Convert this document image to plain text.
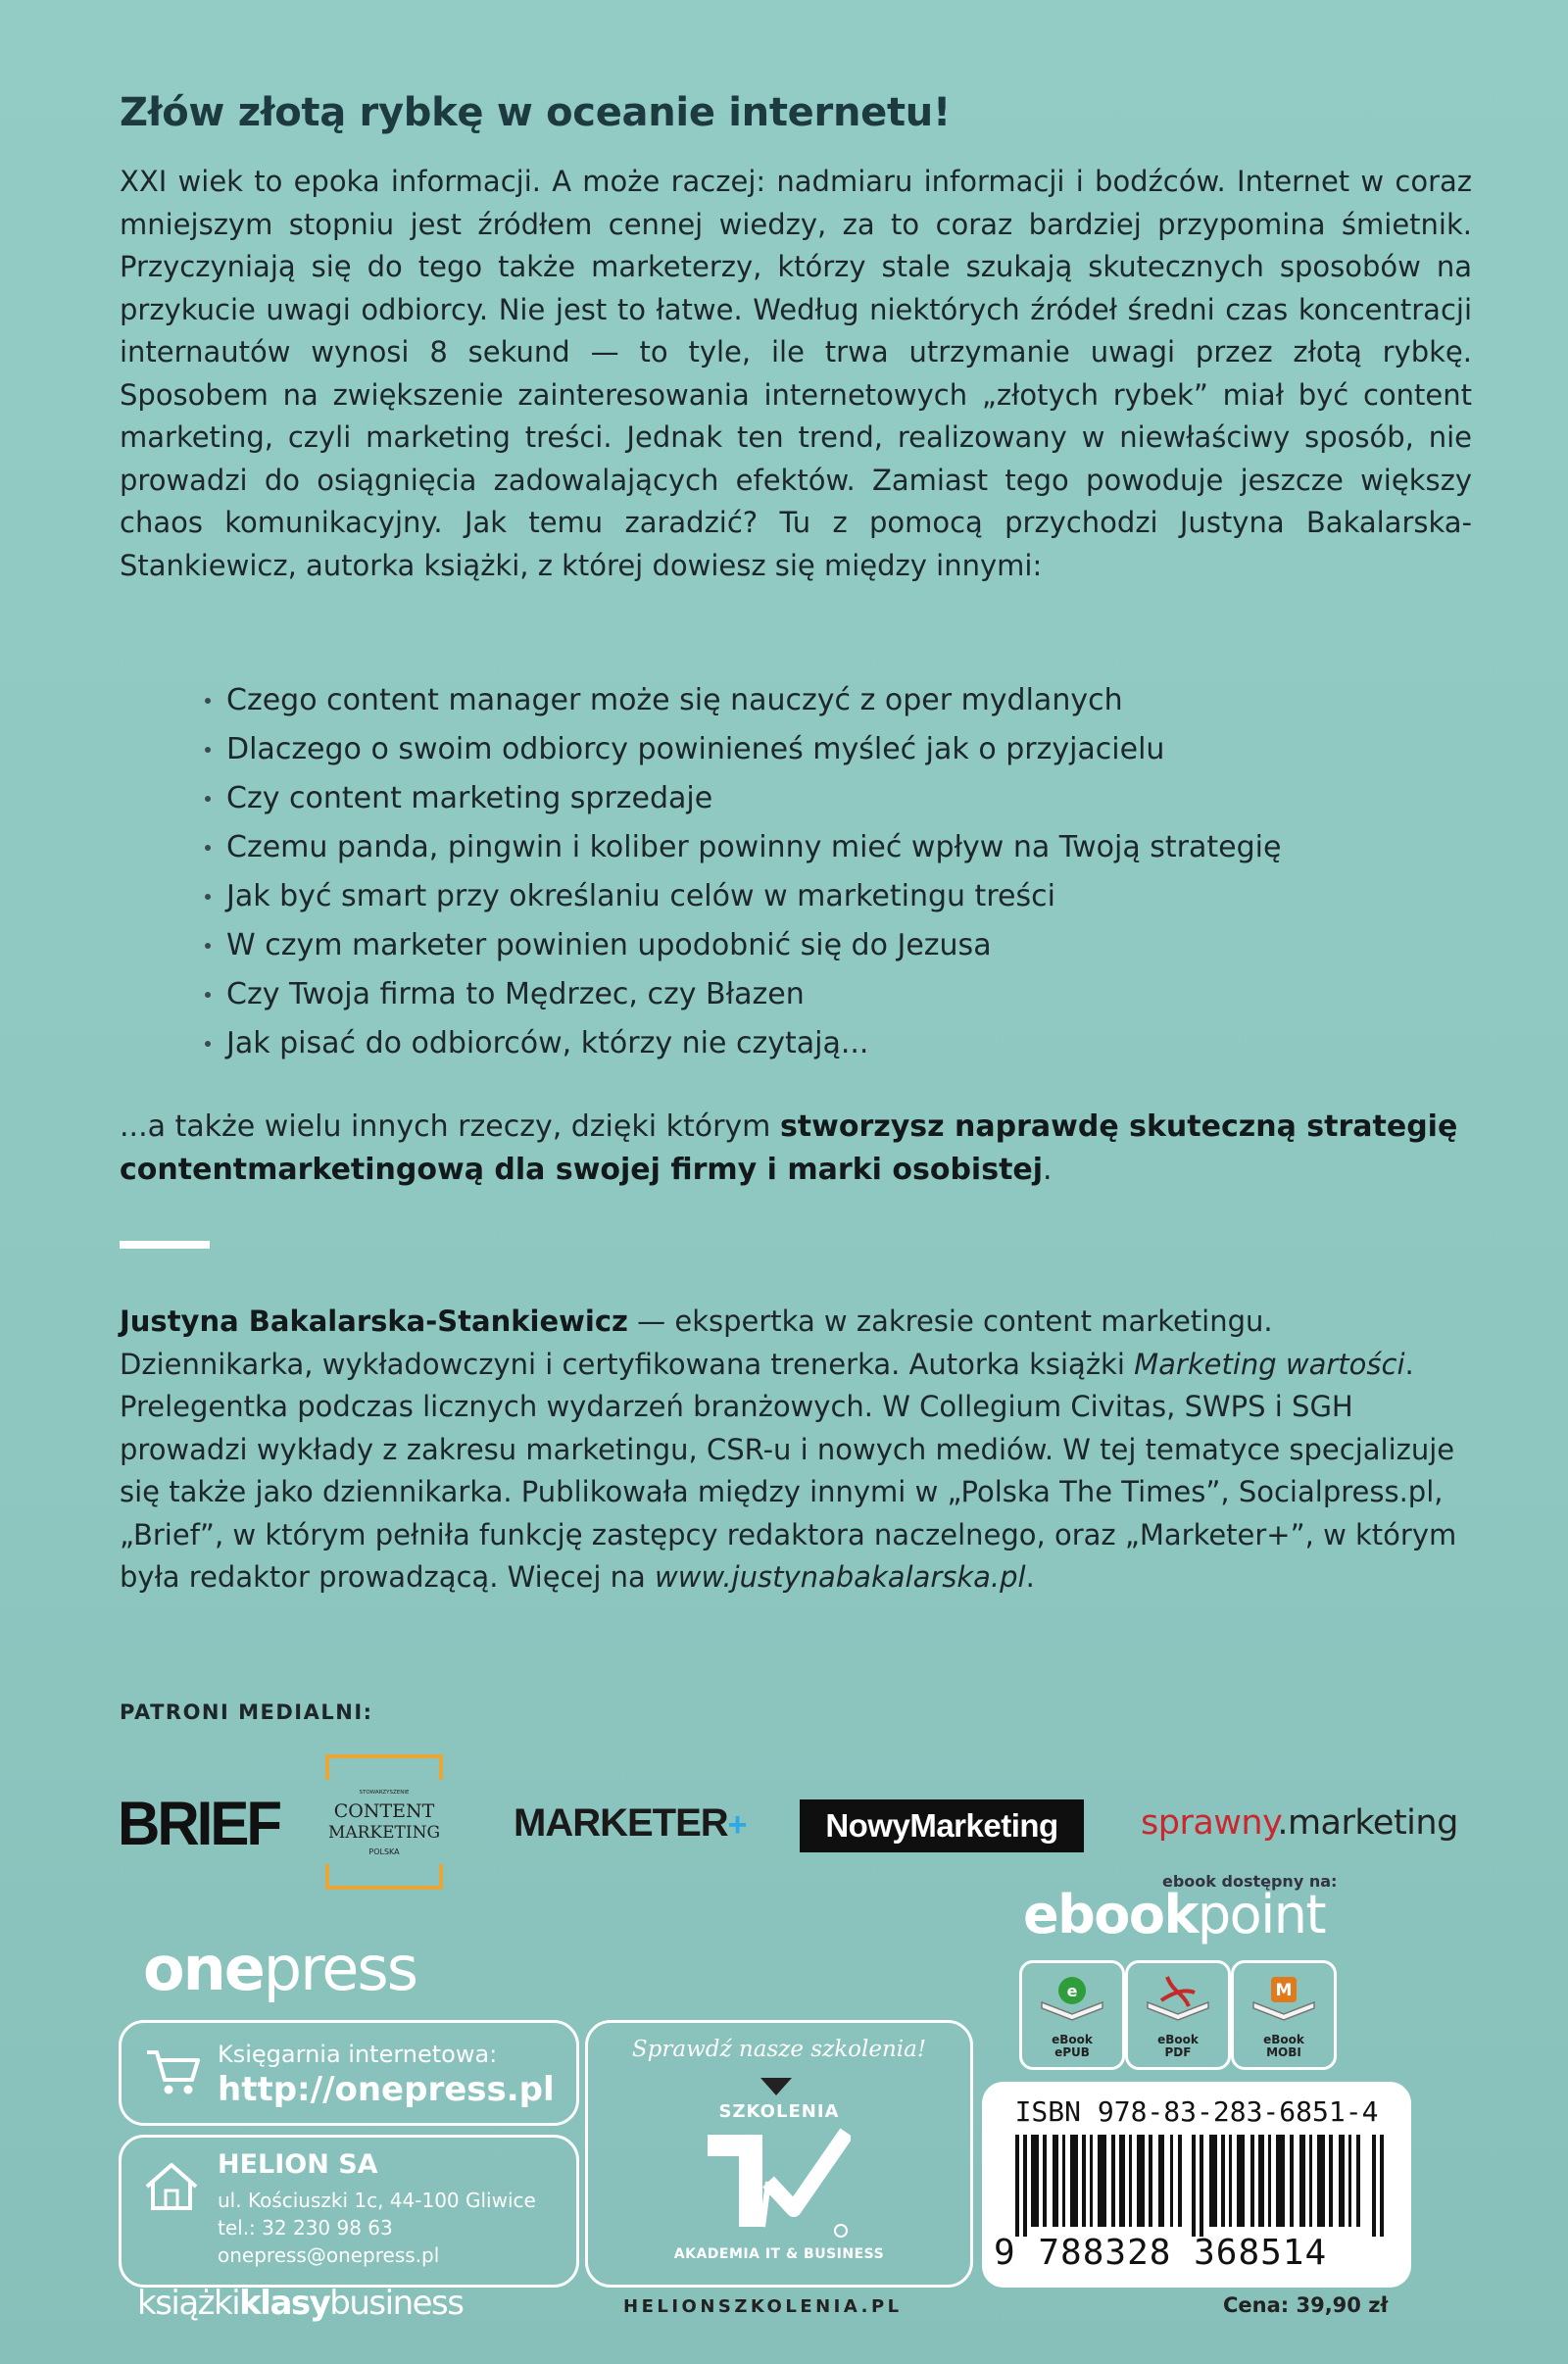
Złów złotą rybkę w oceanie internetu!

XXI wiek to epoka informacji. A może raczej: nadmiaru informacji i bodźców. Internet w coraz mniejszym stopniu jest źródłem cennej wiedzy, za to coraz bardziej przypomina śmietnik. Przyczyniają się do tego także marketerzy, którzy stale szukają skutecznych sposobów na przykucie uwagi odbiorcy. Nie jest to łatwe. Według niektórych źródeł średni czas koncentracji internautów wynosi 8 sekund — to tyle, ile trwa utrzymanie uwagi przez złotą rybkę. Sposobem na zwiększenie zainteresowania internetowych „złotych rybek” miał być content marketing, czyli marketing treści. Jednak ten trend, realizowany w niewłaściwy sposób, nie prowadzi do osiągnięcia zadowalających efektów. Zamiast tego powoduje jeszcze większy chaos komunikacyjny. Jak temu zaradzić? Tu z pomocą przychodzi Justyna Bakalarska-Stankiewicz, autorka książki, z której dowiesz się między innymi:

Czego content manager może się nauczyć z oper mydlanych
Dlaczego o swoim odbiorcy powinieneś myśleć jak o przyjacielu
Czy content marketing sprzedaje
Czemu panda, pingwin i koliber powinny mieć wpływ na Twoją strategię
Jak być smart przy określaniu celów w marketingu treści
W czym marketer powinien upodobnić się do Jezusa
Czy Twoja firma to Mędrzec, czy Błazen
Jak pisać do odbiorców, którzy nie czytają...

...a także wielu innych rzeczy, dzięki którym stworzysz naprawdę skuteczną strategię contentmarketingową dla swojej firmy i marki osobistej.

Justyna Bakalarska-Stankiewicz — ekspertka w zakresie content marketingu. Dziennikarka, wykładowczyni i certyfikowana trenerka. Autorka książki Marketing wartości. Prelegentka podczas licznych wydarzeń branżowych. W Collegium Civitas, SWPS i SGH prowadzi wykłady z zakresu marketingu, CSR-u i nowych mediów. W tej tematyce specjalizuje się także jako dziennikarka. Publikowała między innymi w „Polska The Times”, Socialpress.pl, „Brief”, w którym pełniła funkcję zastępcy redaktora naczelnego, oraz „Marketer+”, w którym była redaktor prowadzącą. Więcej na www.justynabakalarska.pl.

PATRONI MEDIALNI:
BRIEF	STOWARZYSZENIE
CONTENT
MARKETING
POLSKA
MARKETER+	NowyMarketing	sprawny.marketing
ebook dostępny na:
ebookpoint
onepress	e
eBook
ePUB
eBook
PDF
M
eBook
MOBI
Księgarnia internetowa:
http://onepress.pl
HELION SA
ul. Kościuszki 1c, 44-100 Gliwice
tel.: 32 230 98 63
onepress@onepress.pl
Sprawdź nasze szkolenia!
SZKOLENIA
AKADEMIA IT & BUSINESS
ISBN 978-83-283-6851-4
9 788328 368514
książkiklasybusiness	HELIONSZKOLENIA.PL	Cena: 39,90 zł
